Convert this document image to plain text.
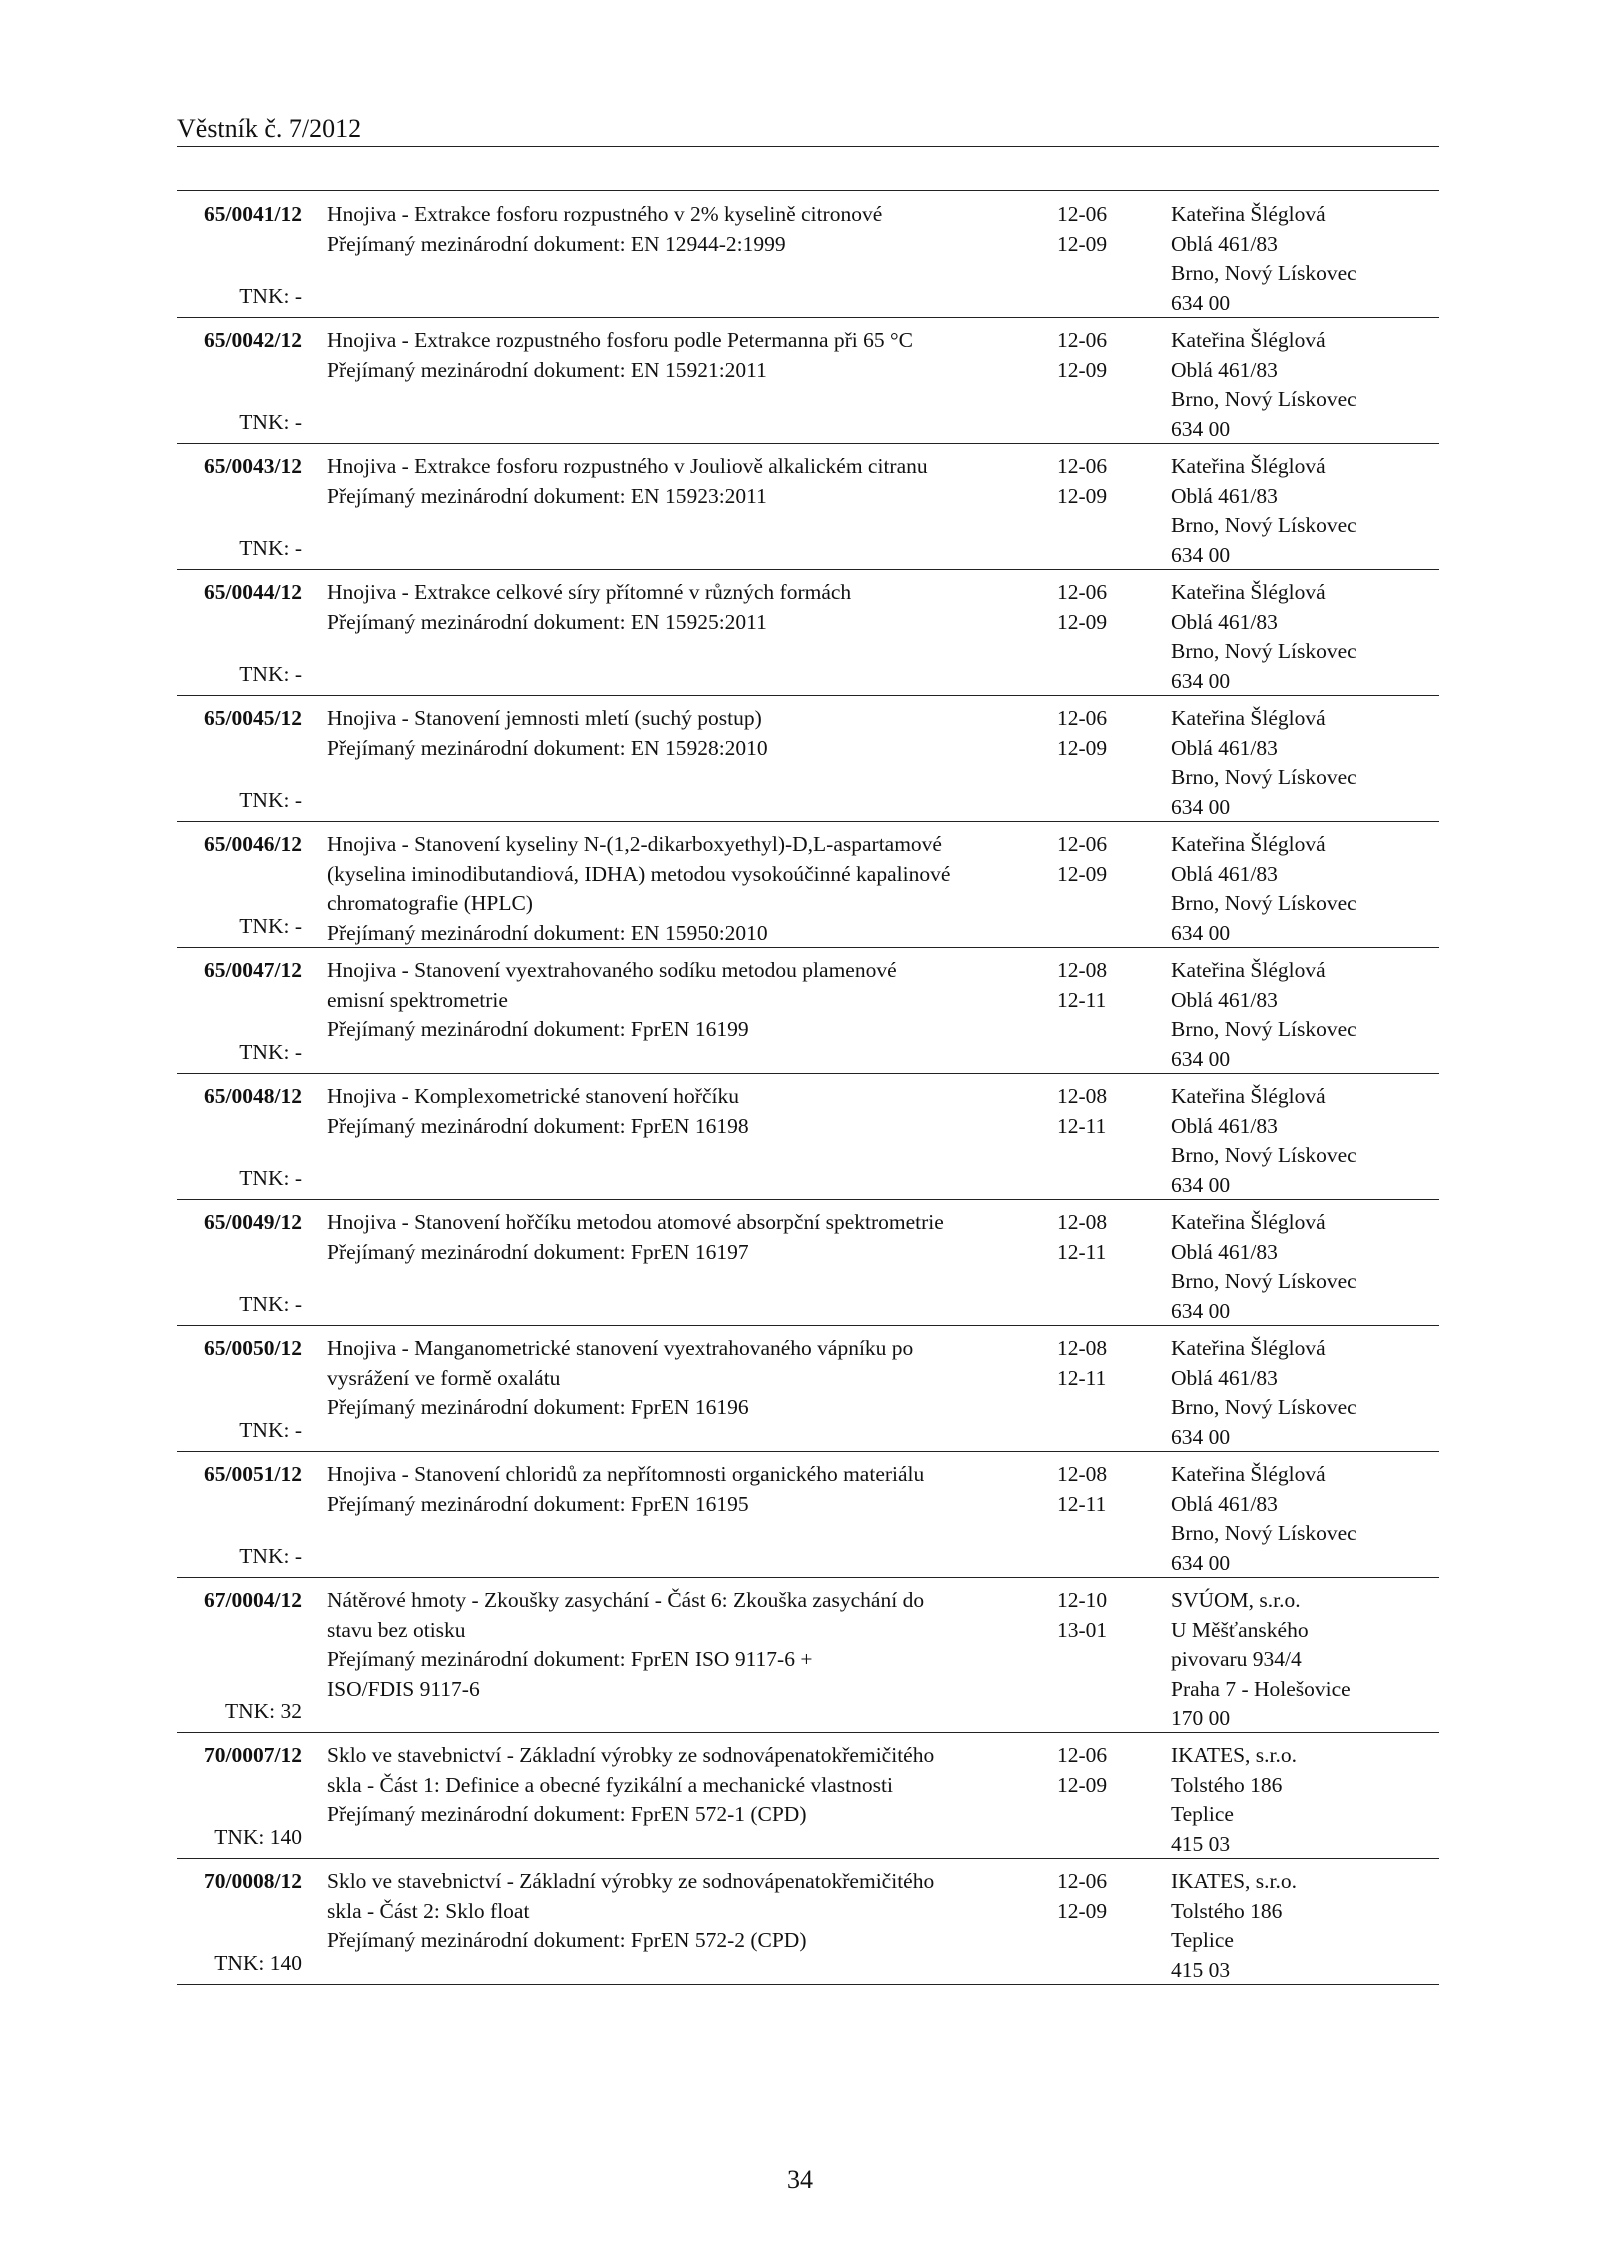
Věstník č. 7/2012
65/0041/12
TNK: -
Hnojiva - Extrakce fosforu rozpustného v 2% kyselině citronové
Přejímaný mezinárodní dokument: EN 12944-2:1999
12-06
12-09
Kateřina Šléglová
Oblá 461/83
Brno, Nový Lískovec
634 00
65/0042/12
TNK: -
Hnojiva - Extrakce rozpustného fosforu podle Petermanna při 65 °C
Přejímaný mezinárodní dokument: EN 15921:2011
12-06
12-09
Kateřina Šléglová
Oblá 461/83
Brno, Nový Lískovec
634 00
65/0043/12
TNK: -
Hnojiva - Extrakce fosforu rozpustného v Jouliově alkalickém citranu
Přejímaný mezinárodní dokument: EN 15923:2011
12-06
12-09
Kateřina Šléglová
Oblá 461/83
Brno, Nový Lískovec
634 00
65/0044/12
TNK: -
Hnojiva - Extrakce celkové síry přítomné v různých formách
Přejímaný mezinárodní dokument: EN 15925:2011
12-06
12-09
Kateřina Šléglová
Oblá 461/83
Brno, Nový Lískovec
634 00
65/0045/12
TNK: -
Hnojiva - Stanovení jemnosti mletí (suchý postup)
Přejímaný mezinárodní dokument: EN 15928:2010
12-06
12-09
Kateřina Šléglová
Oblá 461/83
Brno, Nový Lískovec
634 00
65/0046/12
TNK: -
Hnojiva - Stanovení kyseliny N-(1,2-dikarboxyethyl)-D,L-aspartamové
(kyselina iminodibutandiová, IDHA) metodou vysokoúčinné kapalinové
chromatografie (HPLC)
Přejímaný mezinárodní dokument: EN 15950:2010
12-06
12-09
Kateřina Šléglová
Oblá 461/83
Brno, Nový Lískovec
634 00
65/0047/12
TNK: -
Hnojiva - Stanovení vyextrahovaného sodíku metodou plamenové
emisní spektrometrie
Přejímaný mezinárodní dokument: FprEN 16199
12-08
12-11
Kateřina Šléglová
Oblá 461/83
Brno, Nový Lískovec
634 00
65/0048/12
TNK: -
Hnojiva - Komplexometrické stanovení hořčíku
Přejímaný mezinárodní dokument: FprEN 16198
12-08
12-11
Kateřina Šléglová
Oblá 461/83
Brno, Nový Lískovec
634 00
65/0049/12
TNK: -
Hnojiva - Stanovení hořčíku metodou atomové absorpční spektrometrie
Přejímaný mezinárodní dokument: FprEN 16197
12-08
12-11
Kateřina Šléglová
Oblá 461/83
Brno, Nový Lískovec
634 00
65/0050/12
TNK: -
Hnojiva - Manganometrické stanovení vyextrahovaného vápníku po
vysrážení ve formě oxalátu
Přejímaný mezinárodní dokument: FprEN 16196
12-08
12-11
Kateřina Šléglová
Oblá 461/83
Brno, Nový Lískovec
634 00
65/0051/12
TNK: -
Hnojiva - Stanovení chloridů za nepřítomnosti organického materiálu
Přejímaný mezinárodní dokument: FprEN 16195
12-08
12-11
Kateřina Šléglová
Oblá 461/83
Brno, Nový Lískovec
634 00
67/0004/12
TNK: 32
Nátěrové hmoty - Zkoušky zasychání - Část 6: Zkouška zasychání do
stavu bez otisku
Přejímaný mezinárodní dokument: FprEN ISO 9117-6 +
ISO/FDIS 9117-6
12-10
13-01
SVÚOM, s.r.o.
U Měšťanského
pivovaru 934/4
Praha 7 - Holešovice
170 00
70/0007/12
TNK: 140
Sklo ve stavebnictví - Základní výrobky ze sodnovápenatokřemičitého
skla - Část 1: Definice a obecné fyzikální a mechanické vlastnosti
Přejímaný mezinárodní dokument: FprEN 572-1 (CPD)
12-06
12-09
IKATES, s.r.o.
Tolstého 186
Teplice
415 03
70/0008/12
TNK: 140
Sklo ve stavebnictví - Základní výrobky ze sodnovápenatokřemičitého
skla - Část 2: Sklo float
Přejímaný mezinárodní dokument: FprEN 572-2 (CPD)
12-06
12-09
IKATES, s.r.o.
Tolstého 186
Teplice
415 03
34
